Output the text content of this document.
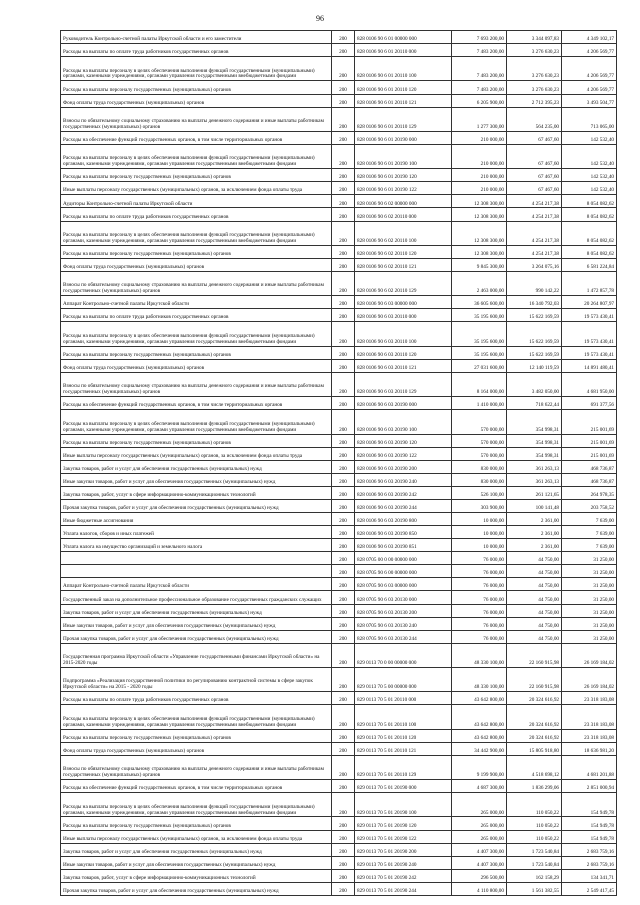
96
Руководитель Контрольно-счетной палаты Иркутской области и его заместители	200	828 0106 90 6 01 00000 000	7 693 200,00	3 344 097,83	4 349 102,17
Расходы на выплаты по оплате труда работников государственных органов	200	828 0106 90 6 01 20110 000	7 483 200,00	3 276 630,23	4 206 569,77
Расходы на выплаты персоналу в целях обеспечения выполнения функций государственными (муниципальными) органами, казенными учреждениями, органами управления государственными внебюджетными фондами	200	828 0106 90 6 01 20110 100	7 483 200,00	3 276 630,23	4 206 569,77
Расходы на выплаты персоналу государственных (муниципальных) органов	200	828 0106 90 6 01 20110 120	7 483 200,00	3 276 630,23	4 206 569,77
Фонд оплаты труда государственных (муниципальных) органов	200	828 0106 90 6 01 20110 121	6 205 900,00	2 712 395,23	3 493 504,77
Взносы по обязательному социальному страхованию на выплаты денежного содержания и иные выплаты работникам государственных (муниципальных) органов	200	828 0106 90 6 01 20110 129	1 277 300,00	564 235,00	713 065,00
Расходы на обеспечение функций государственных органов, в том числе территориальных органов	200	828 0106 90 6 01 20190 000	210 000,00	67 467,60	142 532,40
Расходы на выплаты персоналу в целях обеспечения выполнения функций государственными (муниципальными) органами, казенными учреждениями, органами управления государственными внебюджетными фондами	200	828 0106 90 6 01 20190 100	210 000,00	67 467,60	142 532,40
Расходы на выплаты персоналу государственных (муниципальных) органов	200	828 0106 90 6 01 20190 120	210 000,00	67 467,60	142 532,40
Иные выплаты персоналу государственных (муниципальных) органов, за исключением фонда оплаты труда	200	828 0106 90 6 01 20190 122	210 000,00	67 467,60	142 532,40
Аудиторы Контрольно-счетной палаты Иркутской области	200	828 0106 90 6 02 00000 000	12 308 300,00	4 254 217,38	8 054 082,62
Расходы на выплаты по оплате труда работников государственных органов	200	828 0106 90 6 02 20110 000	12 308 300,00	4 254 217,38	8 054 082,62
Расходы на выплаты персоналу в целях обеспечения выполнения функций государственными (муниципальными) органами, казенными учреждениями, органами управления государственными внебюджетными фондами	200	828 0106 90 6 02 20110 100	12 308 300,00	4 254 217,38	8 054 082,62
Расходы на выплаты персоналу государственных (муниципальных) органов	200	828 0106 90 6 02 20110 120	12 308 300,00	4 254 217,38	8 054 082,62
Фонд оплаты труда государственных (муниципальных) органов	200	828 0106 90 6 02 20110 121	9 845 300,00	3 264 075,16	6 581 224,84
Взносы по обязательному социальному страхованию на выплаты денежного содержания и иные выплаты работникам государственных (муниципальных) органов	200	828 0106 90 6 02 20110 129	2 463 000,00	990 142,22	1 472 857,78
Аппарат Контрольно-счетной палаты Иркутской области	200	828 0106 90 6 03 00000 000	36 605 600,00	16 340 792,03	20 264 807,97
Расходы на выплаты по оплате труда работников государственных органов	200	828 0106 90 6 03 20110 000	35 195 600,00	15 622 169,59	19 573 430,41
Расходы на выплаты персоналу в целях обеспечения выполнения функций государственными (муниципальными) органами, казенными учреждениями, органами управления государственными внебюджетными фондами	200	828 0106 90 6 03 20110 100	35 195 600,00	15 622 169,59	19 573 430,41
Расходы на выплаты персоналу государственных (муниципальных) органов	200	828 0106 90 6 03 20110 120	35 195 600,00	15 622 169,59	19 573 430,41
Фонд оплаты труда государственных (муниципальных) органов	200	828 0106 90 6 03 20110 121	27 031 600,00	12 140 119,59	14 891 480,41
Взносы по обязательному социальному страхованию на выплаты денежного содержания и иные выплаты работникам государственных (муниципальных) органов	200	828 0106 90 6 03 20110 129	8 164 000,00	3 482 050,00	4 681 950,00
Расходы на обеспечение функций государственных органов, в том числе территориальных органов	200	828 0106 90 6 03 20190 000	1 410 000,00	718 622,44	691 377,56
Расходы на выплаты персоналу в целях обеспечения выполнения функций государственными (муниципальными) органами, казенными учреждениями, органами управления государственными внебюджетными фондами	200	828 0106 90 6 03 20190 100	570 000,00	354 998,31	215 001,69
Расходы на выплаты персоналу государственных (муниципальных) органов	200	828 0106 90 6 03 20190 120	570 000,00	354 998,31	215 001,69
Иные выплаты персоналу государственных (муниципальных) органов, за исключением фонда оплаты труда	200	828 0106 90 6 03 20190 122	570 000,00	354 998,31	215 001,69
Закупка товаров, работ и услуг для обеспечения государственных (муниципальных) нужд	200	828 0106 90 6 03 20190 200	830 000,00	361 263,13	468 736,87
Иные закупки товаров, работ и услуг для обеспечения государственных (муниципальных) нужд	200	828 0106 90 6 03 20190 240	830 000,00	361 263,13	468 736,87
Закупка товаров, работ, услуг в сфере информационно-коммуникационных технологий	200	828 0106 90 6 03 20190 242	526 100,00	261 121,65	264 978,35
Прочая закупка товаров, работ и услуг для обеспечения государственных (муниципальных) нужд	200	828 0106 90 6 03 20190 244	303 900,00	100 141,48	203 758,52
Иные бюджетные ассигнования	200	828 0106 90 6 03 20190 800	10 000,00	2 361,00	7 639,00
Уплата налогов, сборов и иных платежей	200	828 0106 90 6 03 20190 850	10 000,00	2 361,00	7 639,00
Уплата налога на имущество организаций и земельного налога	200	828 0106 90 6 03 20190 851	10 000,00	2 361,00	7 639,00
	200	828 0705 00 0 00 00000 000	76 000,00	44 750,00	31 250,00
	200	828 0705 90 6 00 00000 000	76 000,00	44 750,00	31 250,00
Аппарат Контрольно-счетной палаты Иркутской области	200	828 0705 90 6 03 00000 000	76 000,00	44 750,00	31 250,00
Государственный заказ на дополнительное профессиональное образование государственных гражданских служащих	200	828 0705 90 6 03 20130 000	76 000,00	44 750,00	31 250,00
Закупка товаров, работ и услуг для обеспечения государственных (муниципальных) нужд	200	828 0705 90 6 03 20130 200	76 000,00	44 750,00	31 250,00
Иные закупки товаров, работ и услуг для обеспечения государственных (муниципальных) нужд	200	828 0705 90 6 03 20130 240	76 000,00	44 750,00	31 250,00
Прочая закупка товаров, работ и услуг для обеспечения государственных (муниципальных) нужд	200	828 0705 90 6 03 20130 244	76 000,00	44 750,00	31 250,00
Государственная программа Иркутской области «Управление государственными финансами Иркутской области» на 2015-2020 годы	200	829 0113 70 0 00 00000 000	48 330 100,00	22 160 915,98	26 169 184,02
Подпрограмма «Реализация государственной политики по регулированию контрактной системы в сфере закупок Иркутской области» на 2015 - 2020 годы	200	829 0113 70 5 00 00000 000	48 330 100,00	22 160 915,98	26 169 184,02
Расходы на выплаты по оплате труда работников государственных органов	200	829 0113 70 5 01 20110 000	43 642 800,00	20 324 616,92	23 318 183,08
Расходы на выплаты персоналу в целях обеспечения выполнения функций государственными (муниципальными) органами, казенными учреждениями, органами управления государственными внебюджетными фондами	200	829 0113 70 5 01 20110 100	43 642 800,00	20 324 616,92	23 318 183,08
Расходы на выплаты персоналу государственных (муниципальных) органов	200	829 0113 70 5 01 20110 120	43 642 800,00	20 324 616,92	23 318 183,08
Фонд оплаты труда государственных (муниципальных) органов	200	829 0113 70 5 01 20110 121	34 442 900,00	15 805 918,80	18 636 981,20
Взносы по обязательному социальному страхованию на выплаты денежного содержания и иные выплаты работникам государственных (муниципальных) органов	200	829 0113 70 5 01 20110 129	9 199 900,00	4 518 698,12	4 681 201,88
Расходы на обеспечение функций государственных органов, в том числе территориальных органов	200	829 0113 70 5 01 20190 000	4 687 300,00	1 836 299,06	2 851 000,94
Расходы на выплаты персоналу в целях обеспечения выполнения функций государственными (муниципальными) органами, казенными учреждениями, органами управления государственными внебюджетными фондами	200	829 0113 70 5 01 20190 100	265 000,00	110 050,22	154 949,78
Расходы на выплаты персоналу государственных (муниципальных) органов	200	829 0113 70 5 01 20190 120	265 000,00	110 050,22	154 949,78
Иные выплаты персоналу государственных (муниципальных) органов, за исключением фонда оплаты труда	200	829 0113 70 5 01 20190 122	265 000,00	110 050,22	154 949,78
Закупка товаров, работ и услуг для обеспечения государственных (муниципальных) нужд	200	829 0113 70 5 01 20190 200	4 407 300,00	1 723 540,84	2 683 759,16
Иные закупки товаров, работ и услуг для обеспечения государственных (муниципальных) нужд	200	829 0113 70 5 01 20190 240	4 407 300,00	1 723 540,84	2 683 759,16
Закупка товаров, работ, услуг в сфере информационно-коммуникационных технологий	200	829 0113 70 5 01 20190 242	296 500,00	162 158,29	134 341,71
Прочая закупка товаров, работ и услуг для обеспечения государственных (муниципальных) нужд	200	829 0113 70 5 01 20190 244	4 110 800,00	1 561 382,55	2 549 417,45
